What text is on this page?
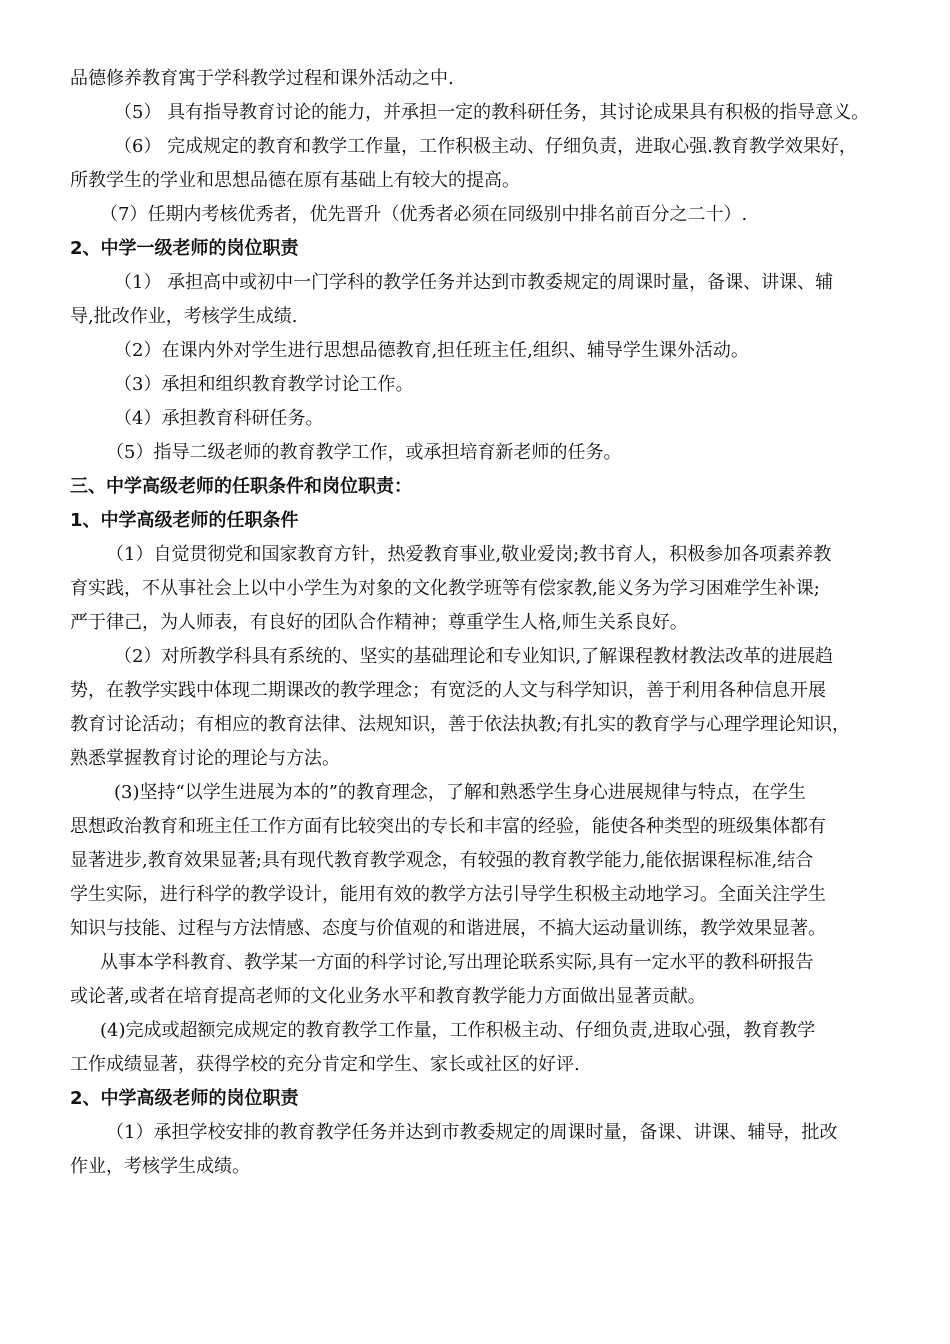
品德修养教育寓于学科教学过程和课外活动之中.
（5） 具有指导教育讨论的能力，并承担一定的教科研任务，其讨论成果具有积极的指导意义。
（6） 完成规定的教育和教学工作量，工作积极主动、仔细负责，进取心强.教育教学效果好，
所教学生的学业和思想品德在原有基础上有较大的提高。
（7）任期内考核优秀者，优先晋升（优秀者必须在同级别中排名前百分之二十）.
2、中学一级老师的岗位职责
（1） 承担高中或初中一门学科的教学任务并达到市教委规定的周课时量，备课、讲课、辅
导,批改作业，考核学生成绩.
（2）在课内外对学生进行思想品德教育,担任班主任,组织、辅导学生课外活动。
（3）承担和组织教育教学讨论工作。
（4）承担教育科研任务。
（5）指导二级老师的教育教学工作，或承担培育新老师的任务。
三、中学高级老师的任职条件和岗位职责：
1、中学高级老师的任职条件
（1）自觉贯彻党和国家教育方针，热爱教育事业,敬业爱岗;教书育人，积极参加各项素养教
育实践，不从事社会上以中小学生为对象的文化教学班等有偿家教,能义务为学习困难学生补课;
严于律己，为人师表，有良好的团队合作精神；尊重学生人格,师生关系良好。
（2）对所教学科具有系统的、坚实的基础理论和专业知识,了解课程教材教法改革的进展趋
势，在教学实践中体现二期课改的教学理念；有宽泛的人文与科学知识，善于利用各种信息开展
教育讨论活动；有相应的教育法律、法规知识，善于依法执教;有扎实的教育学与心理学理论知识，
熟悉掌握教育讨论的理论与方法。
(3)坚持“以学生进展为本的”的教育理念，了解和熟悉学生身心进展规律与特点，在学生
思想政治教育和班主任工作方面有比较突出的专长和丰富的经验，能使各种类型的班级集体都有
显著进步,教育效果显著;具有现代教育教学观念，有较强的教育教学能力,能依据课程标准,结合
学生实际，进行科学的教学设计，能用有效的教学方法引导学生积极主动地学习。全面关注学生
知识与技能、过程与方法情感、态度与价值观的和谐进展，不搞大运动量训练，教学效果显著。
从事本学科教育、教学某一方面的科学讨论,写出理论联系实际,具有一定水平的教科研报告
或论著,或者在培育提高老师的文化业务水平和教育教学能力方面做出显著贡献。
(4)完成或超额完成规定的教育教学工作量，工作积极主动、仔细负责,进取心强，教育教学
工作成绩显著，获得学校的充分肯定和学生、家长或社区的好评.
2、中学高级老师的岗位职责
（1）承担学校安排的教育教学任务并达到市教委规定的周课时量，备课、讲课、辅导，批改
作业，考核学生成绩。
